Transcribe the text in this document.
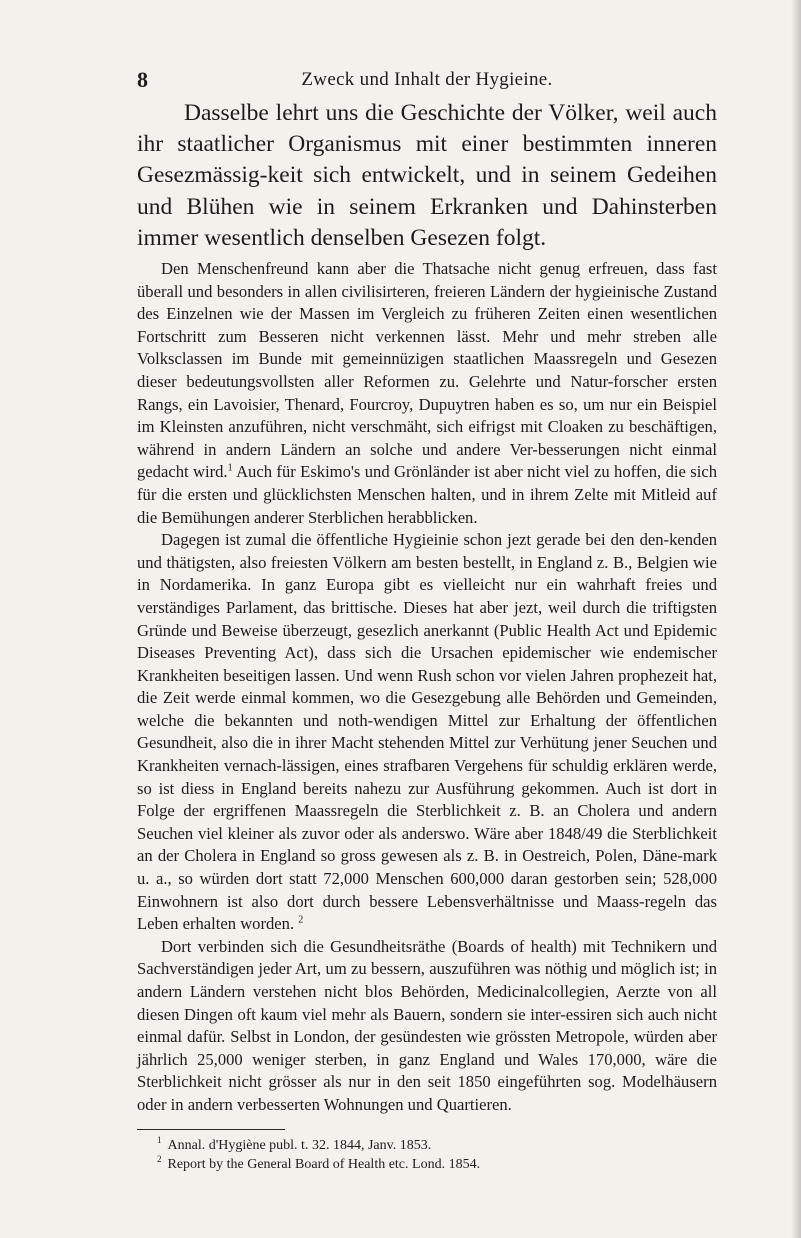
8	Zweck und Inhalt der Hygieine.

Dasselbe lehrt uns die Geschichte der Völker, weil auch ihr staatlicher Organismus mit einer bestimmten inneren Gesezmässig-keit sich entwickelt, und in seinem Gedeihen und Blühen wie in seinem Erkranken und Dahinsterben immer wesentlich denselben Gesezen folgt.

Den Menschenfreund kann aber die Thatsache nicht genug erfreuen, dass fast überall und besonders in allen civilisirteren, freieren Ländern der hygieinische Zustand des Einzelnen wie der Massen im Vergleich zu früheren Zeiten einen wesentlichen Fortschritt zum Besseren nicht verkennen lässt. Mehr und mehr streben alle Volksclassen im Bunde mit gemeinnüzigen staatlichen Maassregeln und Gesezen dieser bedeutungsvollsten aller Reformen zu. Gelehrte und Natur-forscher ersten Rangs, ein Lavoisier, Thenard, Fourcroy, Dupuytren haben es so, um nur ein Beispiel im Kleinsten anzuführen, nicht verschmäht, sich eifrigst mit Cloaken zu beschäftigen, während in andern Ländern an solche und andere Ver-besserungen nicht einmal gedacht wird.$^1$ Auch für Eskimo's und Grönländer ist aber nicht viel zu hoffen, die sich für die ersten und glücklichsten Menschen halten, und in ihrem Zelte mit Mitleid auf die Bemühungen anderer Sterblichen herabblicken.

Dagegen ist zumal die öffentliche Hygieinie schon jezt gerade bei den den-kenden und thätigsten, also freiesten Völkern am besten bestellt, in England z. B., Belgien wie in Nordamerika. In ganz Europa gibt es vielleicht nur ein wahrhaft freies und verständiges Parlament, das brittische. Dieses hat aber jezt, weil durch die triftigsten Gründe und Beweise überzeugt, gesezlich anerkannt (Public Health Act und Epidemic Diseases Preventing Act), dass sich die Ursachen epidemischer wie endemischer Krankheiten beseitigen lassen. Und wenn Rush schon vor vielen Jahren prophezeit hat, die Zeit werde einmal kommen, wo die Gesezgebung alle Behörden und Gemeinden, welche die bekannten und noth-wendigen Mittel zur Erhaltung der öffentlichen Gesundheit, also die in ihrer Macht stehenden Mittel zur Verhütung jener Seuchen und Krankheiten vernach-lässigen, eines strafbaren Vergehens für schuldig erklären werde, so ist diess in England bereits nahezu zur Ausführung gekommen. Auch ist dort in Folge der ergriffenen Maassregeln die Sterblichkeit z. B. an Cholera und andern Seuchen viel kleiner als zuvor oder als anderswo. Wäre aber 1848/49 die Sterblichkeit an der Cholera in England so gross gewesen als z. B. in Oestreich, Polen, Däne-mark u. a., so würden dort statt 72,000 Menschen 600,000 daran gestorben sein; 528,000 Einwohnern ist also dort durch bessere Lebensverhältnisse und Maass-regeln das Leben erhalten worden. $^2$

Dort verbinden sich die Gesundheitsräthe (Boards of health) mit Technikern und Sachverständigen jeder Art, um zu bessern, auszuführen was nöthig und möglich ist; in andern Ländern verstehen nicht blos Behörden, Medicinalcollegien, Aerzte von all diesen Dingen oft kaum viel mehr als Bauern, sondern sie inter-essiren sich auch nicht einmal dafür. Selbst in London, der gesündesten wie grössten Metropole, würden aber jährlich 25,000 weniger sterben, in ganz England und Wales 170,000, wäre die Sterblichkeit nicht grösser als nur in den seit 1850 eingeführten sog. Modelhäusern oder in andern verbesserten Wohnungen und Quartieren.

$^1$ Annal. d'Hygiène publ. t. 32. 1844, Janv. 1853.

$^2$ Report by the General Board of Health etc. Lond. 1854.
